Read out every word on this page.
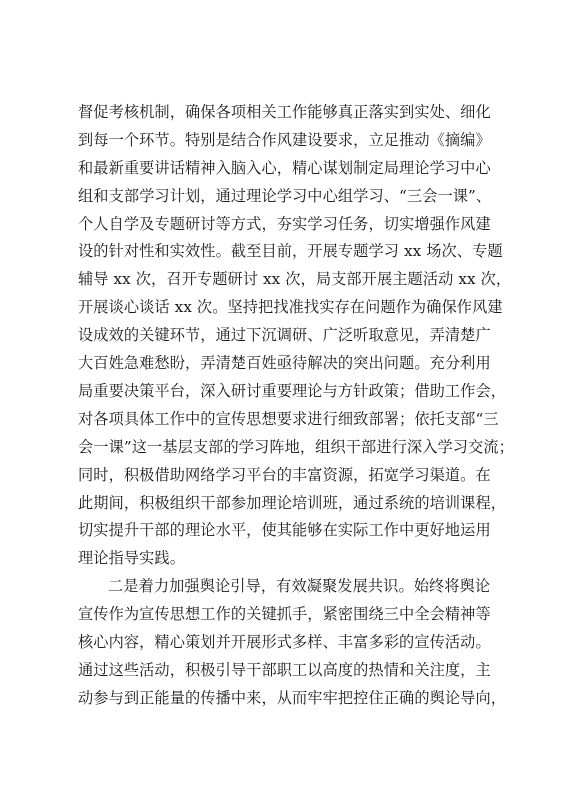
督促考核机制，确保各项相关工作能够真正落实到实处、细化
到每一个环节。特别是结合作风建设要求，立足推动《摘编》
和最新重要讲话精神入脑入心，精心谋划制定局理论学习中心
组和支部学习计划，通过理论学习中心组学习、“三会一课”、
个人自学及专题研讨等方式，夯实学习任务，切实增强作风建
设的针对性和实效性。截至目前，开展专题学习 xx 场次、专题
辅导 xx 次，召开专题研讨 xx 次，局支部开展主题活动 xx 次，
开展谈心谈话 xx 次。坚持把找准找实存在问题作为确保作风建
设成效的关键环节，通过下沉调研、广泛听取意见，弄清楚广
大百姓急难愁盼，弄清楚百姓亟待解决的突出问题。充分利用
局重要决策平台，深入研讨重要理论与方针政策；借助工作会，
对各项具体工作中的宣传思想要求进行细致部署；依托支部“三
会一课”这一基层支部的学习阵地，组织干部进行深入学习交流；
同时，积极借助网络学习平台的丰富资源，拓宽学习渠道。在
此期间，积极组织干部参加理论培训班，通过系统的培训课程，
切实提升干部的理论水平，使其能够在实际工作中更好地运用
理论指导实践。
二是着力加强舆论引导，有效凝聚发展共识。始终将舆论
宣传作为宣传思想工作的关键抓手，紧密围绕三中全会精神等
核心内容，精心策划并开展形式多样、丰富多彩的宣传活动。
通过这些活动，积极引导干部职工以高度的热情和关注度，主
动参与到正能量的传播中来，从而牢牢把控住正确的舆论导向，
